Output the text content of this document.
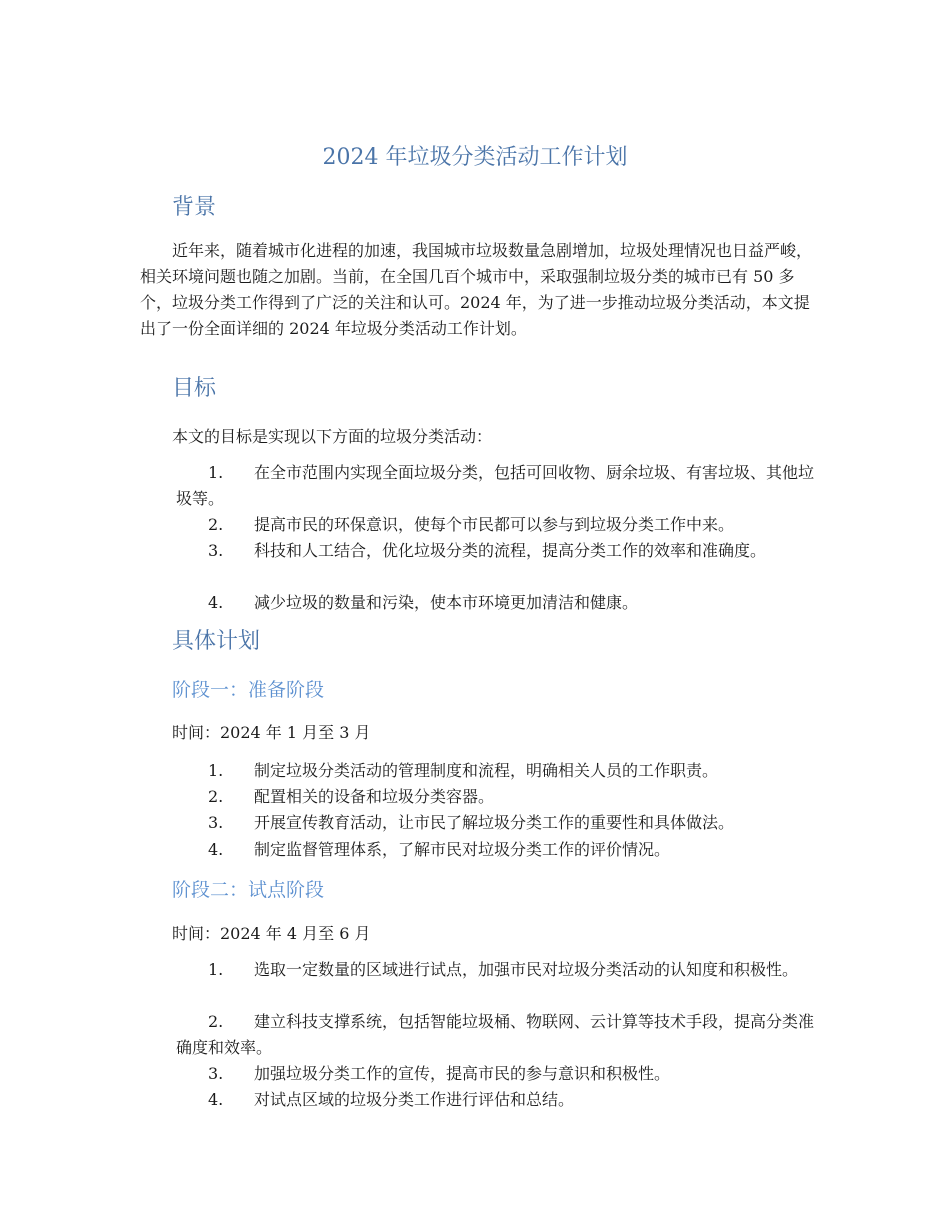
2024 年垃圾分类活动工作计划
背景
近年来，随着城市化进程的加速，我国城市垃圾数量急剧增加，垃圾处理情况也日益严峻，相关环境问题也随之加剧。当前，在全国几百个城市中，采取强制垃圾分类的城市已有 50 多个，垃圾分类工作得到了广泛的关注和认可。2024 年，为了进一步推动垃圾分类活动，本文提出了一份全面详细的 2024 年垃圾分类活动工作计划。
目标
本文的目标是实现以下方面的垃圾分类活动：
1.	在全市范围内实现全面垃圾分类，包括可回收物、厨余垃圾、有害垃圾、其他垃圾等。
2.	提高市民的环保意识，使每个市民都可以参与到垃圾分类工作中来。
3.	科技和人工结合，优化垃圾分类的流程，提高分类工作的效率和准确度。
4.	减少垃圾的数量和污染，使本市环境更加清洁和健康。
具体计划
阶段一：准备阶段
时间：2024 年 1 月至 3 月
1.	制定垃圾分类活动的管理制度和流程，明确相关人员的工作职责。
2.	配置相关的设备和垃圾分类容器。
3.	开展宣传教育活动，让市民了解垃圾分类工作的重要性和具体做法。
4.	制定监督管理体系，了解市民对垃圾分类工作的评价情况。
阶段二：试点阶段
时间：2024 年 4 月至 6 月
1.	选取一定数量的区域进行试点，加强市民对垃圾分类活动的认知度和积极性。
2.	建立科技支撑系统，包括智能垃圾桶、物联网、云计算等技术手段，提高分类准确度和效率。
3.	加强垃圾分类工作的宣传，提高市民的参与意识和积极性。
4.	对试点区域的垃圾分类工作进行评估和总结。
